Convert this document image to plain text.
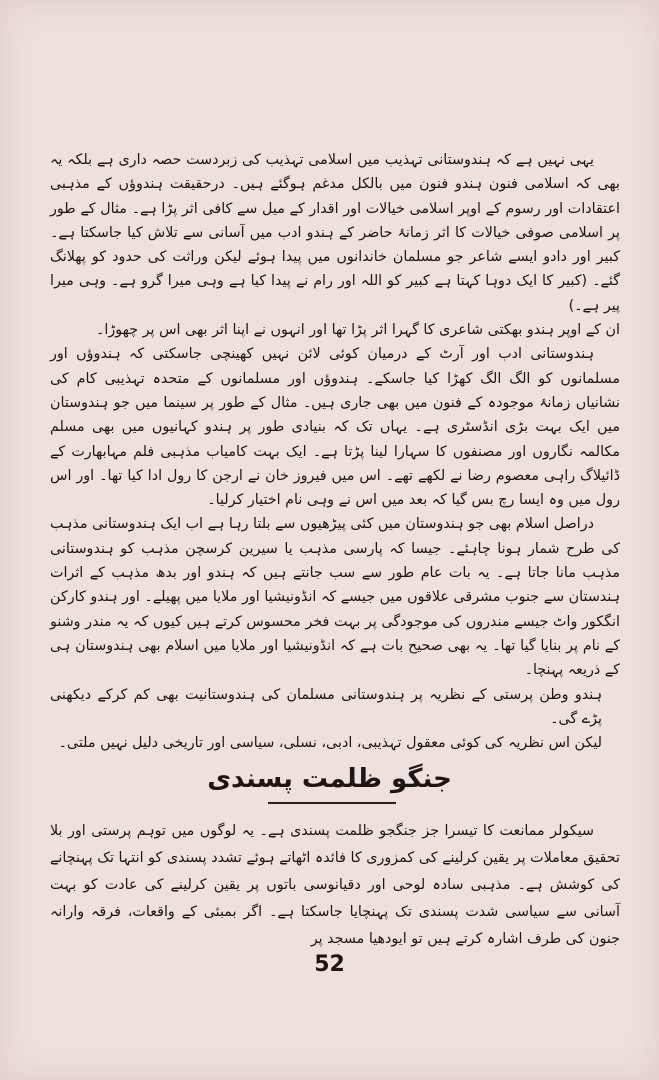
یہی نہیں ہے کہ ہندوستانی تہذیب میں اسلامی تہذیب کی زبردست حصہ داری ہے بلکہ یہ بھی کہ اسلامی فنون ہندو فنون میں بالکل مدغم ہوگئے ہیں۔ درحقیقت ہندوؤں کے مذہبی اعتقادات اور رسوم کے اوپر اسلامی خیالات اور اقدار کے میل سے کافی اثر پڑا ہے۔ مثال کے طور پر اسلامی صوفی خیالات کا اثر زمانۂ حاضر کے ہندو ادب میں آسانی سے تلاش کیا جاسکتا ہے۔ کبیر اور دادو ایسے شاعر جو مسلمان خاندانوں میں پیدا ہوئے لیکن وراثت کی حدود کو پھلانگ گئے۔ (کبیر کا ایک دوہا کہتا ہے کبیر کو اللہ اور رام نے پیدا کیا ہے وہی میرا گرو ہے۔ وہی میرا پیر ہے۔)

ان کے اوپر ہندو بھکتی شاعری کا گہرا اثر پڑا تھا اور انہوں نے اپنا اثر بھی اس پر چھوڑا۔

ہندوستانی ادب اور آرٹ کے درمیان کوئی لائن نہیں کھینچی جاسکتی کہ ہندوؤں اور مسلمانوں کو الگ الگ کھڑا کیا جاسکے۔ ہندوؤں اور مسلمانوں کے متحدہ تہذیبی کام کی نشانیاں زمانۂ موجودہ کے فنون میں بھی جاری ہیں۔ مثال کے طور پر سینما میں جو ہندوستان میں ایک بہت بڑی انڈسٹری ہے۔ یہاں تک کہ بنیادی طور پر ہندو کہانیوں میں بھی مسلم مکالمہ نگاروں اور مصنفوں کا سہارا لینا پڑتا ہے۔ ایک بہت کامیاب مذہبی فلم مہابھارت کے ڈائیلاگ راہی معصوم رضا نے لکھے تھے۔ اس میں فیروز خان نے ارجن کا رول ادا کیا تھا۔ اور اس رول میں وہ ایسا رچ بس گیا کہ بعد میں اس نے وہی نام اختیار کرلیا۔

دراصل اسلام بھی جو ہندوستان میں کئی پیڑھیوں سے بلتا رہا ہے اب ایک ہندوستانی مذہب کی طرح شمار ہونا چاہئے۔ جیسا کہ پارسی مذہب یا سیرین کرسچن مذہب کو ہندوستانی مذہب مانا جاتا ہے۔ یہ بات عام طور سے سب جانتے ہیں کہ ہندو اور بدھ مذہب کے اثرات ہندستان سے جنوب مشرقی علاقوں میں جیسے کہ انڈونیشیا اور ملایا میں پھیلے۔ اور ہندو کارکن انگکور واٹ جیسے مندروں کی موجودگی پر بہت فخر محسوس کرتے ہیں کیوں کہ یہ مندر وشنو کے نام پر بنایا گیا تھا۔ یہ بھی صحیح بات ہے کہ انڈونیشیا اور ملایا میں اسلام بھی ہندوستان ہی کے ذریعہ پہنچا۔

ہندو وطن پرستی کے نظریہ پر ہندوستانی مسلمان کی ہندوستانیت بھی کم کرکے دیکھنی پڑے گی۔

لیکن اس نظریہ کی کوئی معقول تہذیبی، ادبی، نسلی، سیاسی اور تاریخی دلیل نہیں ملتی۔

جنگو ظلمت پسندی

سیکولر ممانعت کا تیسرا جز جنگجو ظلمت پسندی ہے۔ یہ لوگوں میں توہم پرستی اور بلا تحقیق معاملات پر یقین کرلینے کی کمزوری کا فائدہ اٹھاتے ہوئے تشدد پسندی کو انتہا تک پہنچانے کی کوشش ہے۔ مذہبی سادہ لوحی اور دقیانوسی باتوں پر یقین کرلینے کی عادت کو بہت آسانی سے سیاسی شدت پسندی تک پہنچایا جاسکتا ہے۔ اگر بمبئی کے واقعات، فرقہ وارانہ جنون کی طرف اشارہ کرتے ہیں تو ایودھیا مسجد پر

52
